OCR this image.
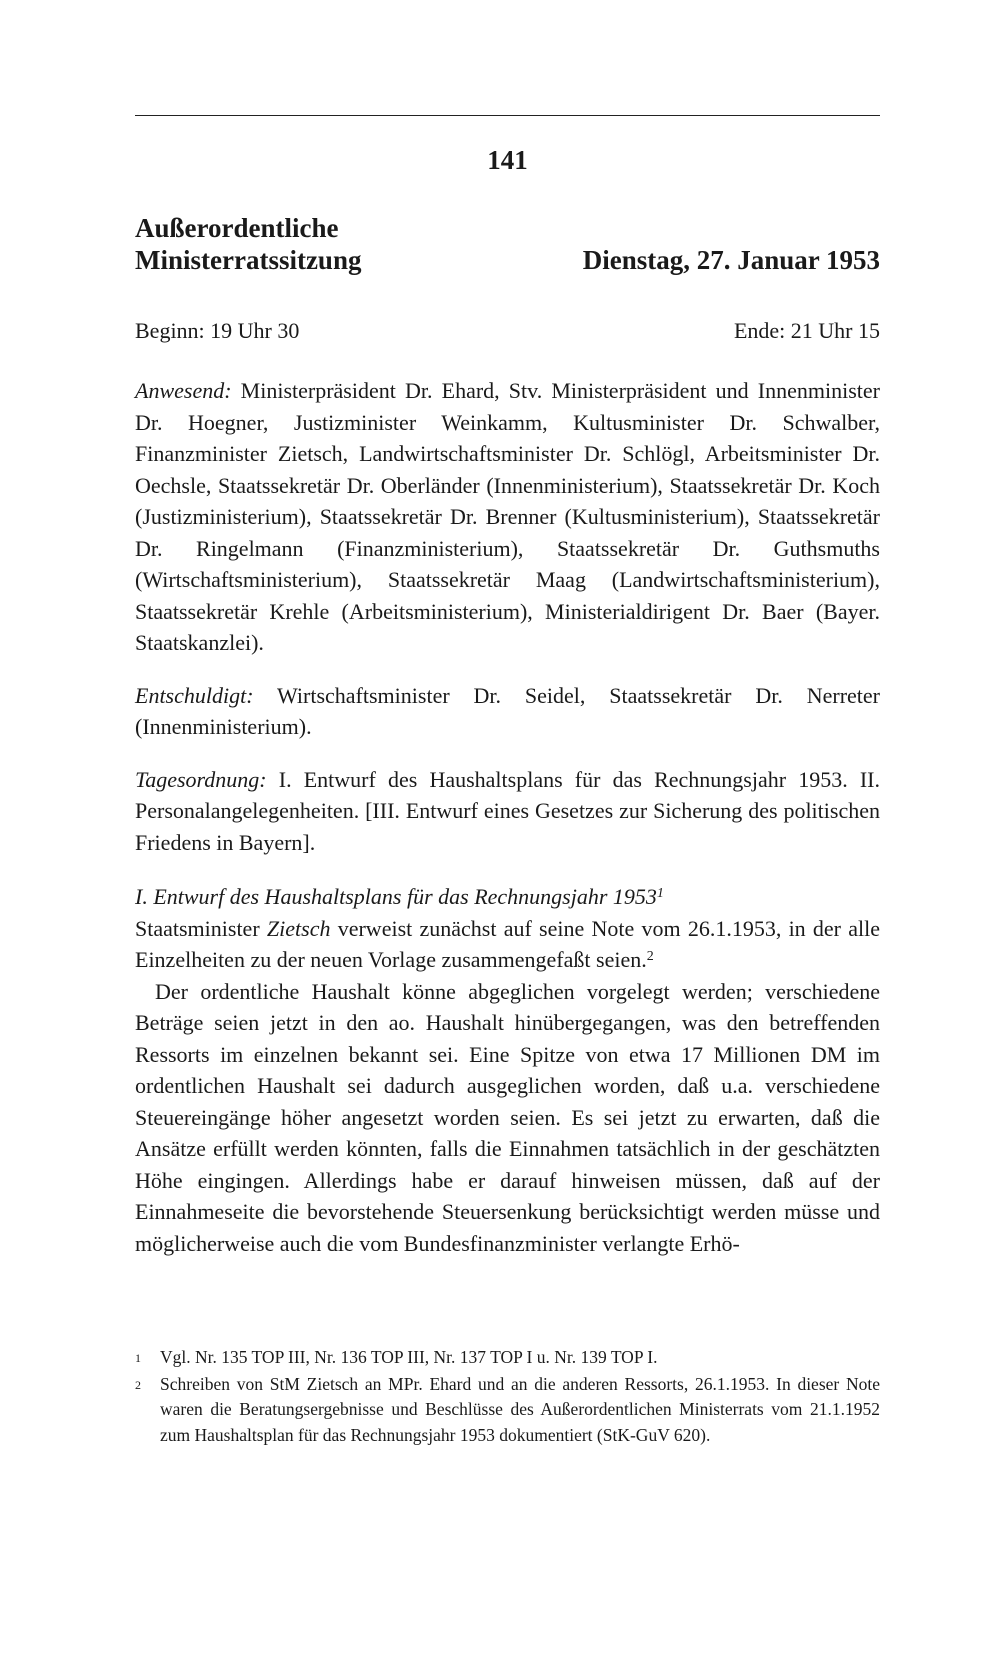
141
Außerordentliche
Ministerratssitzung	Dienstag, 27. Januar 1953
Beginn: 19 Uhr 30	Ende: 21 Uhr 15

Anwesend: Ministerpräsident Dr. Ehard, Stv. Ministerpräsident und Innenminister Dr. Hoegner, Justizminister Weinkamm, Kultusminister Dr. Schwalber, Finanzminister Zietsch, Landwirtschaftsminister Dr. Schlögl, Arbeitsminister Dr. Oechsle, Staatssekretär Dr. Oberländer (Innenministerium), Staatssekretär Dr. Koch (Justizministerium), Staatssekretär Dr. Brenner (Kultusministerium), Staatssekretär Dr. Ringelmann (Finanzministerium), Staatssekretär Dr. Guthsmuths (Wirtschaftsministerium), Staatssekretär Maag (Landwirtschaftsministerium), Staatssekretär Krehle (Arbeitsministerium), Ministerialdirigent Dr. Baer (Bayer. Staatskanzlei).

Entschuldigt: Wirtschaftsminister Dr. Seidel, Staatssekretär Dr. Nerreter (Innenministerium).

Tagesordnung: I. Entwurf des Haushaltsplans für das Rechnungsjahr 1953. II. Personalangelegenheiten. [III. Entwurf eines Gesetzes zur Sicherung des politischen Friedens in Bayern].

I. Entwurf des Haushaltsplans für das Rechnungsjahr 1953$^1$

Staatsminister Zietsch verweist zunächst auf seine Note vom 26.1.1953, in der alle Einzelheiten zu der neuen Vorlage zusammengefaßt seien.$^2$

Der ordentliche Haushalt könne abgeglichen vorgelegt werden; verschiedene Beträge seien jetzt in den ao. Haushalt hinübergegangen, was den betreffenden Ressorts im einzelnen bekannt sei. Eine Spitze von etwa 17 Millionen DM im ordentlichen Haushalt sei dadurch ausgeglichen worden, daß u.a. verschiedene Steuereingänge höher angesetzt worden seien. Es sei jetzt zu erwarten, daß die Ansätze erfüllt werden könnten, falls die Einnahmen tatsächlich in der geschätzten Höhe eingingen. Allerdings habe er darauf hinweisen müssen, daß auf der Einnahmeseite die bevorstehende Steuersenkung berücksichtigt werden müsse und möglicherweise auch die vom Bundesfinanzminister verlangte Erhö-

1	Vgl. Nr. 135 TOP III, Nr. 136 TOP III, Nr. 137 TOP I u. Nr. 139 TOP I.
2	Schreiben von StM Zietsch an MPr. Ehard und an die anderen Ressorts, 26.1.1953. In dieser Note waren die Beratungsergebnisse und Beschlüsse des Außerordentlichen Ministerrats vom 21.1.1952 zum Haushaltsplan für das Rechnungsjahr 1953 dokumentiert (StK-GuV 620).
